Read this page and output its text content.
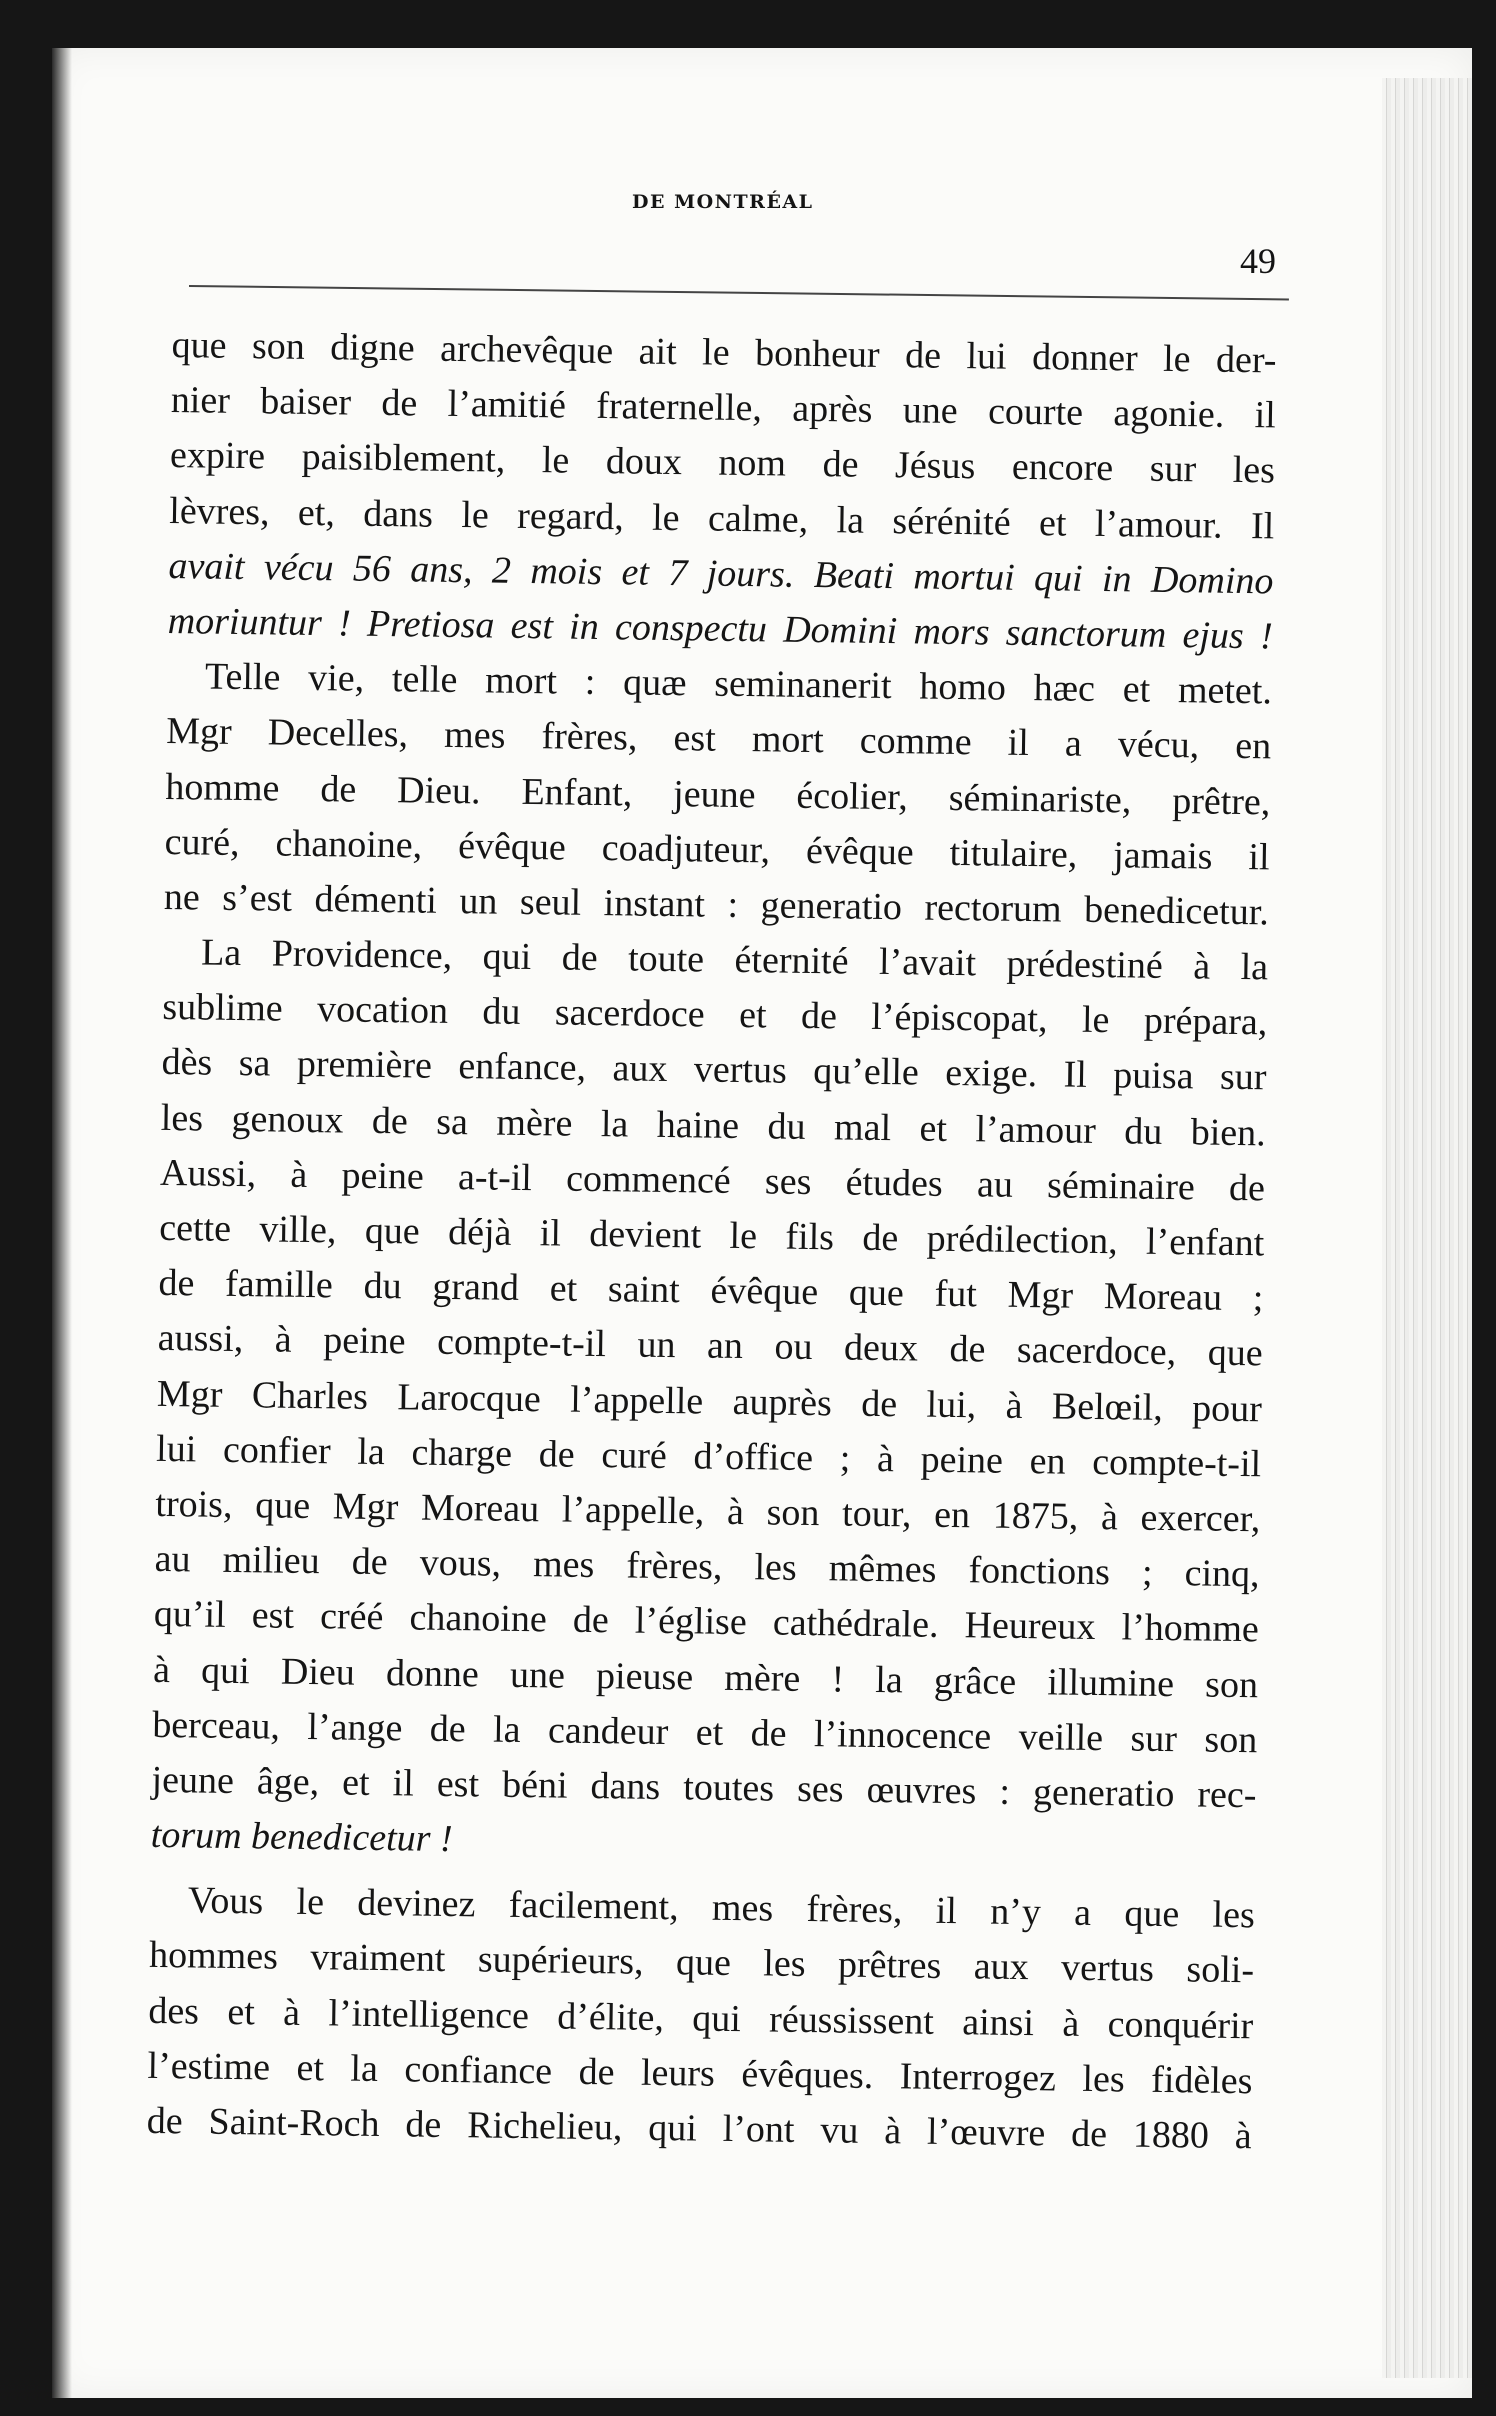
DE MONTRÉAL
49
que son digne archevêque ait le bonheur de lui donner le der-
nier baiser de l’amitié fraternelle, après une courte agonie. il
expire paisiblement, le doux nom de Jésus encore sur les
lèvres, et, dans le regard, le calme, la sérénité et l’amour. Il
avait vécu 56 ans, 2 mois et 7 jours. Beati mortui qui in Domino
moriuntur ! Pretiosa est in conspectu Domini mors sanctorum ejus !
Telle vie, telle mort : quæ seminanerit homo hæc et metet.
Mgr Decelles, mes frères, est mort comme il a vécu, en
homme de Dieu. Enfant, jeune écolier, séminariste, prêtre,
curé, chanoine, évêque coadjuteur, évêque titulaire, jamais il
ne s’est démenti un seul instant : generatio rectorum benedicetur.
La Providence, qui de toute éternité l’avait prédestiné à la
sublime vocation du sacerdoce et de l’épiscopat, le prépara,
dès sa première enfance, aux vertus qu’elle exige. Il puisa sur
les genoux de sa mère la haine du mal et l’amour du bien.
Aussi, à peine a-t-il commencé ses études au séminaire de
cette ville, que déjà il devient le fils de prédilection, l’enfant
de famille du grand et saint évêque que fut Mgr Moreau ;
aussi, à peine compte-t-il un an ou deux de sacerdoce, que
Mgr Charles Larocque l’appelle auprès de lui, à Belœil, pour
lui confier la charge de curé d’office ; à peine en compte-t-il
trois, que Mgr Moreau l’appelle, à son tour, en 1875, à exercer,
au milieu de vous, mes frères, les mêmes fonctions ; cinq,
qu’il est créé chanoine de l’église cathédrale. Heureux l’homme
à qui Dieu donne une pieuse mère ! la grâce illumine son
berceau, l’ange de la candeur et de l’innocence veille sur son
jeune âge, et il est béni dans toutes ses œuvres : generatio rec-
torum benedicetur !
Vous le devinez facilement, mes frères, il n’y a que les
hommes vraiment supérieurs, que les prêtres aux vertus soli-
des et à l’intelligence d’élite, qui réussissent ainsi à conquérir
l’estime et la confiance de leurs évêques. Interrogez les fidèles
de Saint-Roch de Richelieu, qui l’ont vu à l’œuvre de 1880 à
